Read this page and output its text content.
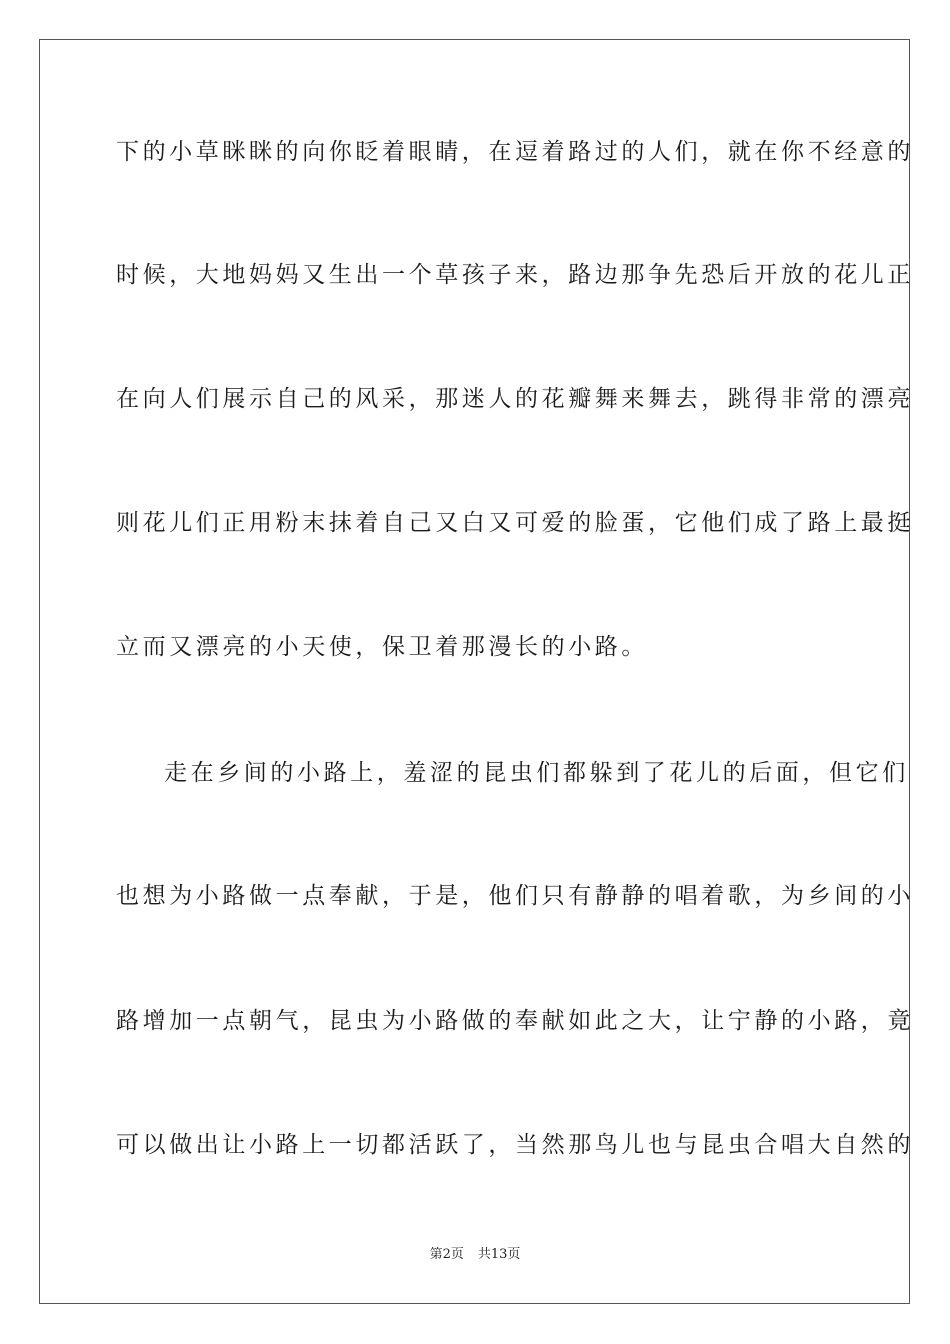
下的小草眯眯的向你眨着眼睛，在逗着路过的人们，就在你不经意的
时候，大地妈妈又生出一个草孩子来，路边那争先恐后开放的花儿正
在向人们展示自己的风采，那迷人的花瓣舞来舞去，跳得非常的漂亮
则花儿们正用粉末抹着自己又白又可爱的脸蛋，它他们成了路上最挺
立而又漂亮的小天使，保卫着那漫长的小路。
走在乡间的小路上，羞涩的昆虫们都躲到了花儿的后面，但它们
也想为小路做一点奉献，于是，他们只有静静的唱着歌，为乡间的小
路增加一点朝气，昆虫为小路做的奉献如此之大，让宁静的小路，竟
可以做出让小路上一切都活跃了，当然那鸟儿也与昆虫合唱大自然的
第2页 共13页
